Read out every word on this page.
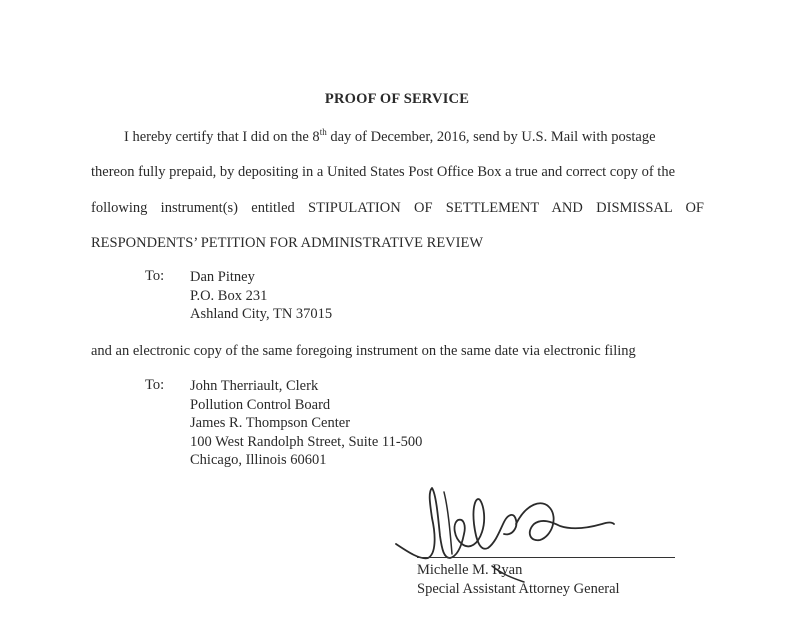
PROOF OF SERVICE
I hereby certify that I did on the 8th day of December, 2016, send by U.S. Mail with postage
thereon fully prepaid, by depositing in a United States Post Office Box a true and correct copy of the
following instrument(s) entitled STIPULATION OF SETTLEMENT AND DISMISSAL OF
RESPONDENTS’ PETITION FOR ADMINISTRATIVE REVIEW
To: Dan Pitney
P.O. Box 231
Ashland City, TN 37015
and an electronic copy of the same foregoing instrument on the same date via electronic filing
To: John Therriault, Clerk
Pollution Control Board
James R. Thompson Center
100 West Randolph Street, Suite 11-500
Chicago, Illinois 60601
Michelle M. Ryan
Special Assistant Attorney General
